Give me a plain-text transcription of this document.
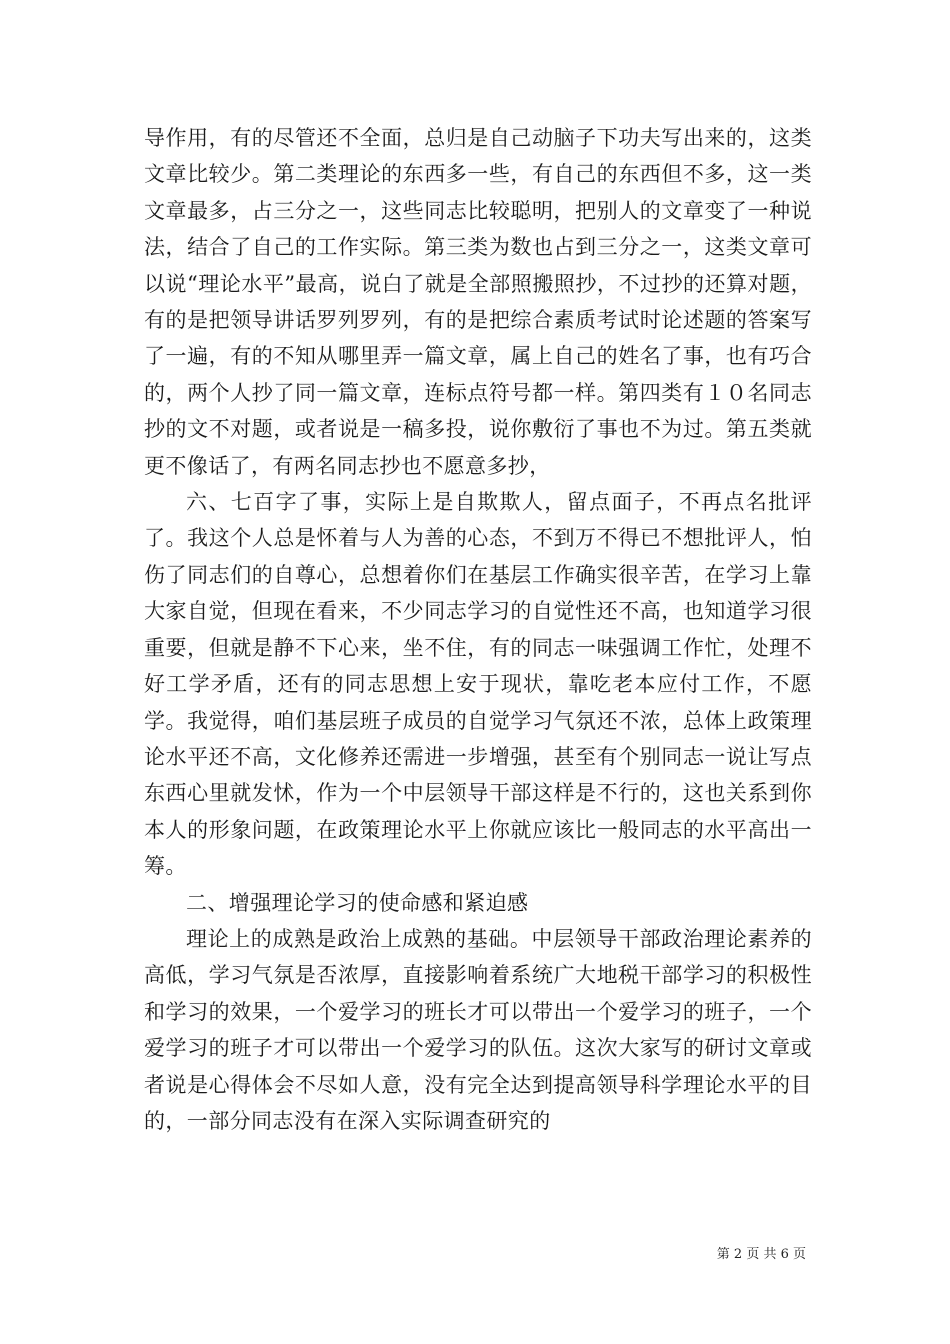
导作用，有的尽管还不全面，总归是自己动脑子下功夫写出来的，这类文章比较少。第二类理论的东西多一些，有自己的东西但不多，这一类文章最多，占三分之一，这些同志比较聪明，把别人的文章变了一种说法，结合了自己的工作实际。第三类为数也占到三分之一，这类文章可以说“理论水平”最高，说白了就是全部照搬照抄，不过抄的还算对题，有的是把领导讲话罗列罗列，有的是把综合素质考试时论述题的答案写了一遍，有的不知从哪里弄一篇文章，属上自己的姓名了事，也有巧合的，两个人抄了同一篇文章，连标点符号都一样。第四类有１０名同志抄的文不对题，或者说是一稿多投，说你敷衍了事也不为过。第五类就更不像话了，有两名同志抄也不愿意多抄，

六、七百字了事，实际上是自欺欺人，留点面子，不再点名批评了。我这个人总是怀着与人为善的心态，不到万不得已不想批评人，怕伤了同志们的自尊心，总想着你们在基层工作确实很辛苦，在学习上靠大家自觉，但现在看来，不少同志学习的自觉性还不高，也知道学习很重要，但就是静不下心来，坐不住，有的同志一味强调工作忙，处理不好工学矛盾，还有的同志思想上安于现状，靠吃老本应付工作，不愿学。我觉得，咱们基层班子成员的自觉学习气氛还不浓，总体上政策理论水平还不高，文化修养还需进一步增强，甚至有个别同志一说让写点东西心里就发怵，作为一个中层领导干部这样是不行的，这也关系到你本人的形象问题，在政策理论水平上你就应该比一般同志的水平高出一筹。

二、增强理论学习的使命感和紧迫感

理论上的成熟是政治上成熟的基础。中层领导干部政治理论素养的高低，学习气氛是否浓厚，直接影响着系统广大地税干部学习的积极性和学习的效果，一个爱学习的班长才可以带出一个爱学习的班子，一个爱学习的班子才可以带出一个爱学习的队伍。这次大家写的研讨文章或者说是心得体会不尽如人意，没有完全达到提高领导科学理论水平的目的，一部分同志没有在深入实际调查研究的

第 2 页 共 6 页
